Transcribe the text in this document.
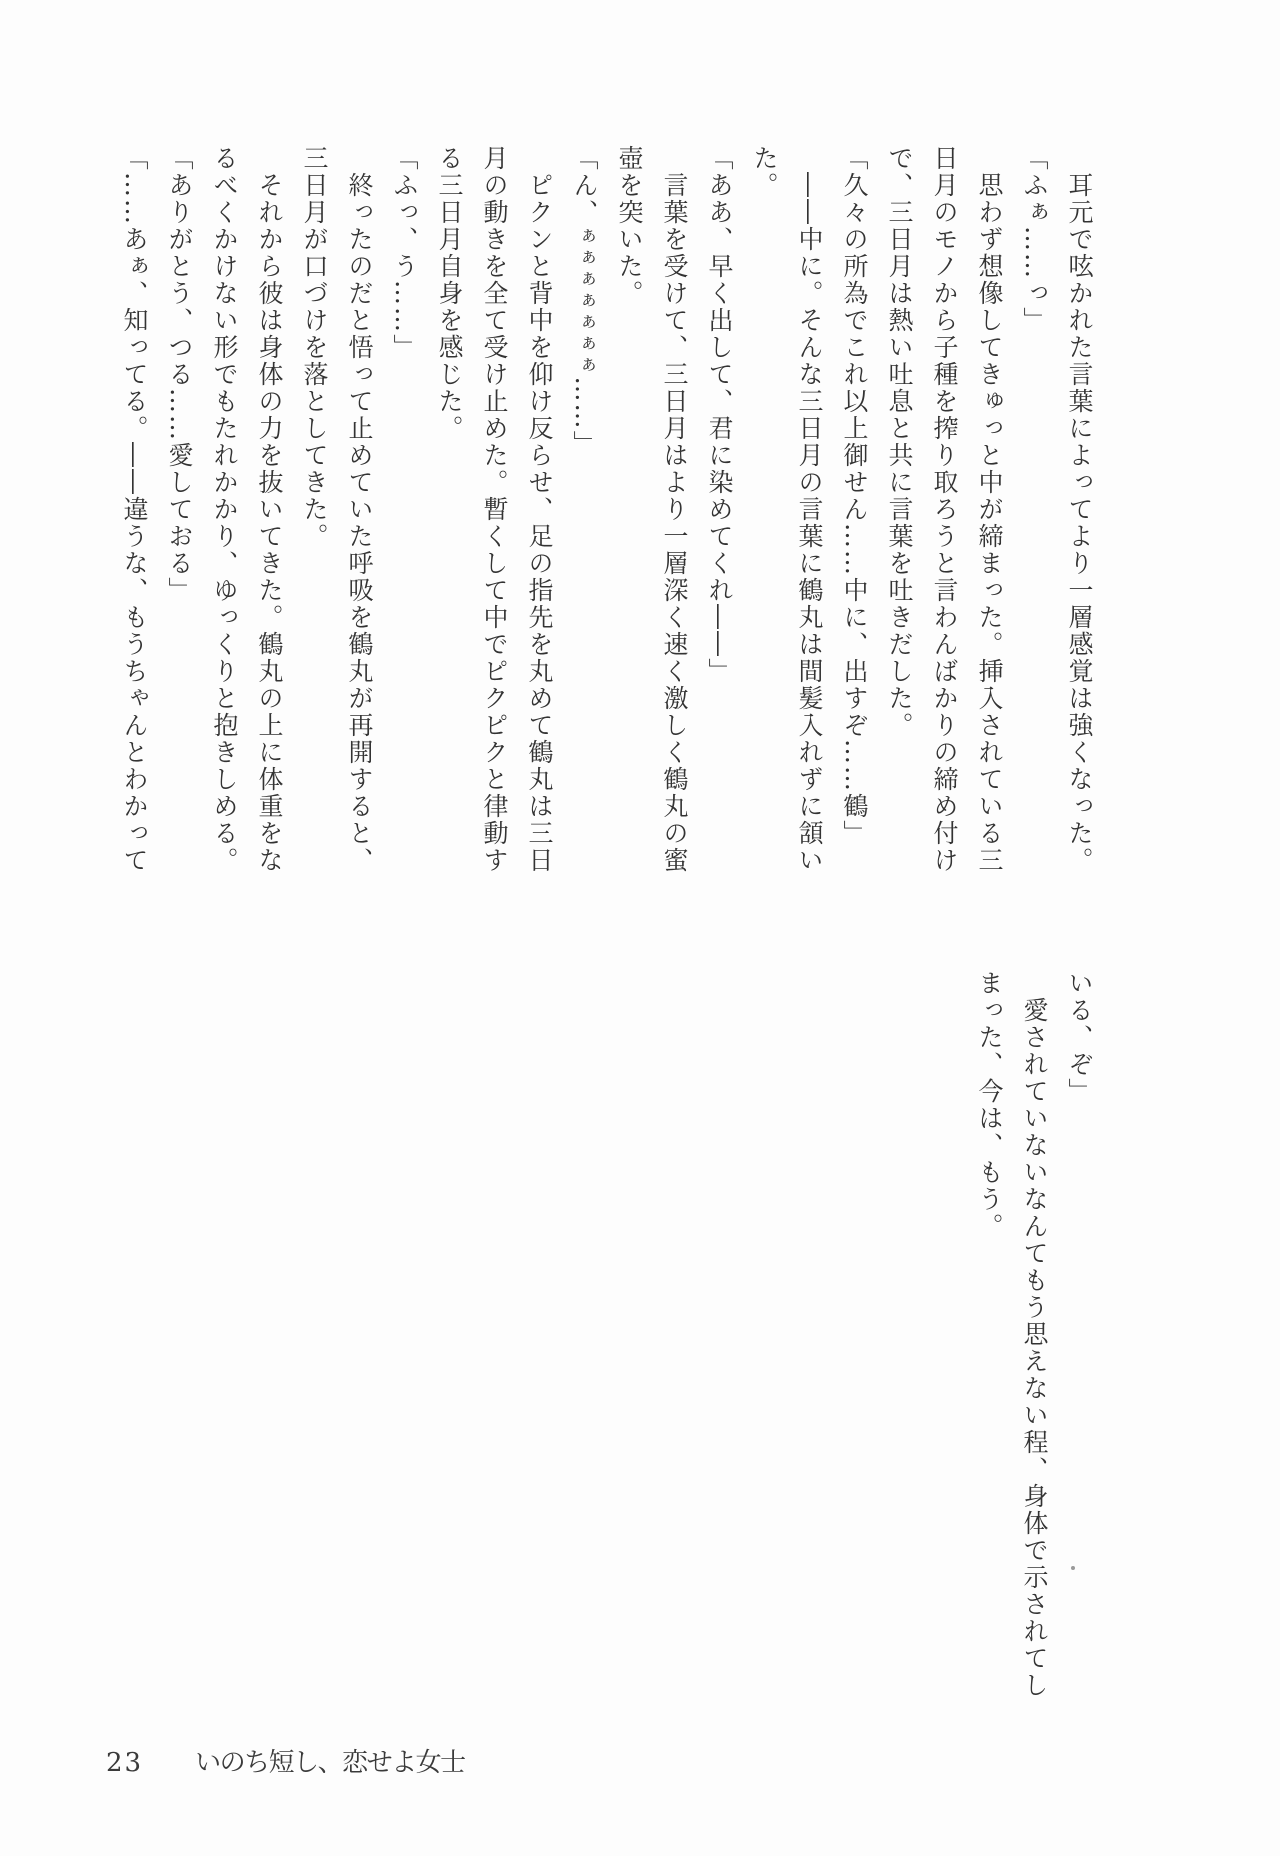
耳元で呟かれた言葉によってより一層感覚は強くなった。
「ふぁ……っ」
思わず想像してきゅっと中が締まった。挿入されている三
日月のモノから子種を搾り取ろうと言わんばかりの締め付け
で、三日月は熱い吐息と共に言葉を吐きだした。
「久々の所為でこれ以上御せん……中に、出すぞ……鶴」
――中に。そんな三日月の言葉に鶴丸は間髪入れずに頷い
た。
「ああ、早く出して、君に染めてくれ――」
言葉を受けて、三日月はより一層深く速く激しく鶴丸の蜜
壺を突いた。
「ん、ぁぁぁぁぁぁぁ……」
ピクンと背中を仰け反らせ、足の指先を丸めて鶴丸は三日
月の動きを全て受け止めた。暫くして中でピクピクと律動す
る三日月自身を感じた。
「ふっ、う……」
終ったのだと悟って止めていた呼吸を鶴丸が再開すると、
三日月が口づけを落としてきた。
それから彼は身体の力を抜いてきた。鶴丸の上に体重をな
るべくかけない形でもたれかかり、ゆっくりと抱きしめる。
「ありがとう、つる……愛しておる」
「……あぁ、知ってる。――違うな、もうちゃんとわかって
いる、ぞ」
愛されていないなんてもう思えない程、身体で示されてし
まった、今は、もう。
23 いのち短し、恋せよ女士
